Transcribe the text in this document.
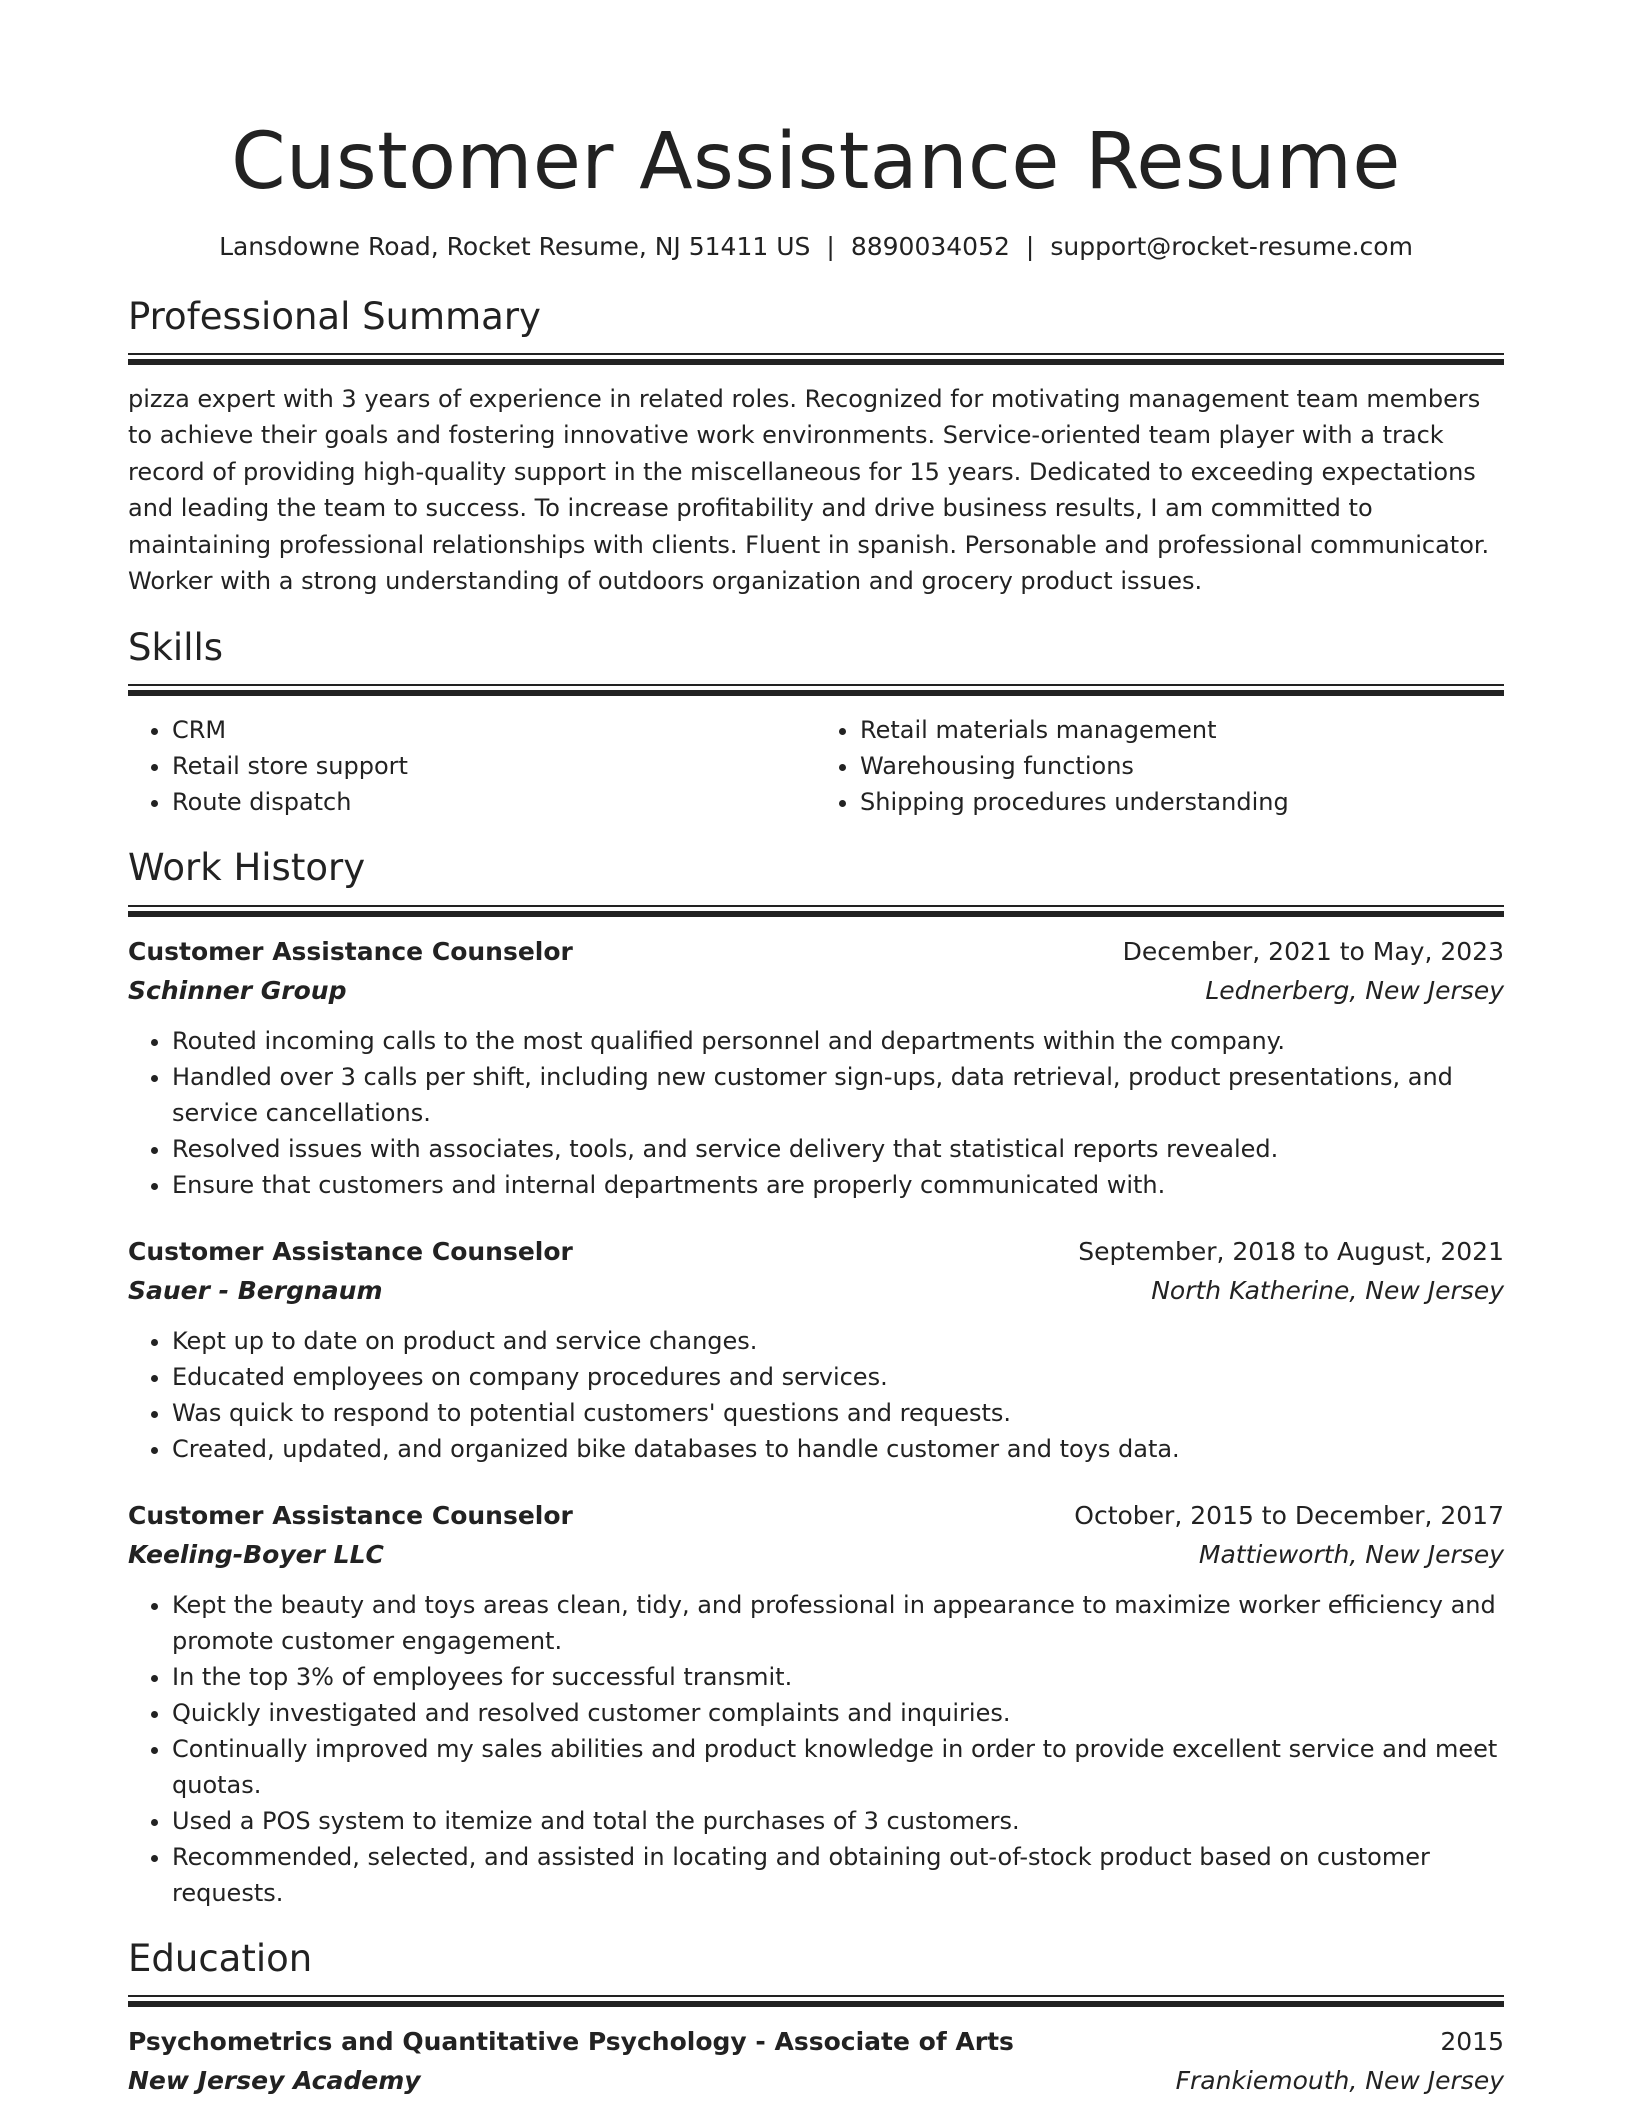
Customer Assistance Resume
Lansdowne Road, Rocket Resume, NJ 51411 US | 8890034052 | support@rocket-resume.com
Professional Summary

pizza expert with 3 years of experience in related roles. Recognized for motivating management team members to achieve their goals and fostering innovative work environments. Service-oriented team player with a track record of providing high-quality support in the miscellaneous for 15 years. Dedicated to exceeding expectations and leading the team to success. To increase profitability and drive business results, I am committed to maintaining professional relationships with clients. Fluent in spanish. Personable and professional communicator. Worker with a strong understanding of outdoors organization and grocery product issues.

Skills
• CRM
• Retail store support
• Route dispatch
• Retail materials management
• Warehousing functions
• Shipping procedures understanding
Work History
Customer Assistance Counselor	December, 2021 to May, 2023
Schinner Group	Lednerberg, New Jersey
• Routed incoming calls to the most qualified personnel and departments within the company.
• Handled over 3 calls per shift, including new customer sign-ups, data retrieval, product presentations, and service cancellations.
• Resolved issues with associates, tools, and service delivery that statistical reports revealed.
• Ensure that customers and internal departments are properly communicated with.
Customer Assistance Counselor	September, 2018 to August, 2021
Sauer - Bergnaum	North Katherine, New Jersey
• Kept up to date on product and service changes.
• Educated employees on company procedures and services.
• Was quick to respond to potential customers' questions and requests.
• Created, updated, and organized bike databases to handle customer and toys data.
Customer Assistance Counselor	October, 2015 to December, 2017
Keeling-Boyer LLC	Mattieworth, New Jersey
• Kept the beauty and toys areas clean, tidy, and professional in appearance to maximize worker efficiency and promote customer engagement.
• In the top 3% of employees for successful transmit.
• Quickly investigated and resolved customer complaints and inquiries.
• Continually improved my sales abilities and product knowledge in order to provide excellent service and meet quotas.
• Used a POS system to itemize and total the purchases of 3 customers.
• Recommended, selected, and assisted in locating and obtaining out-of-stock product based on customer requests.
Education
Psychometrics and Quantitative Psychology - Associate of Arts	2015
New Jersey Academy	Frankiemouth, New Jersey
